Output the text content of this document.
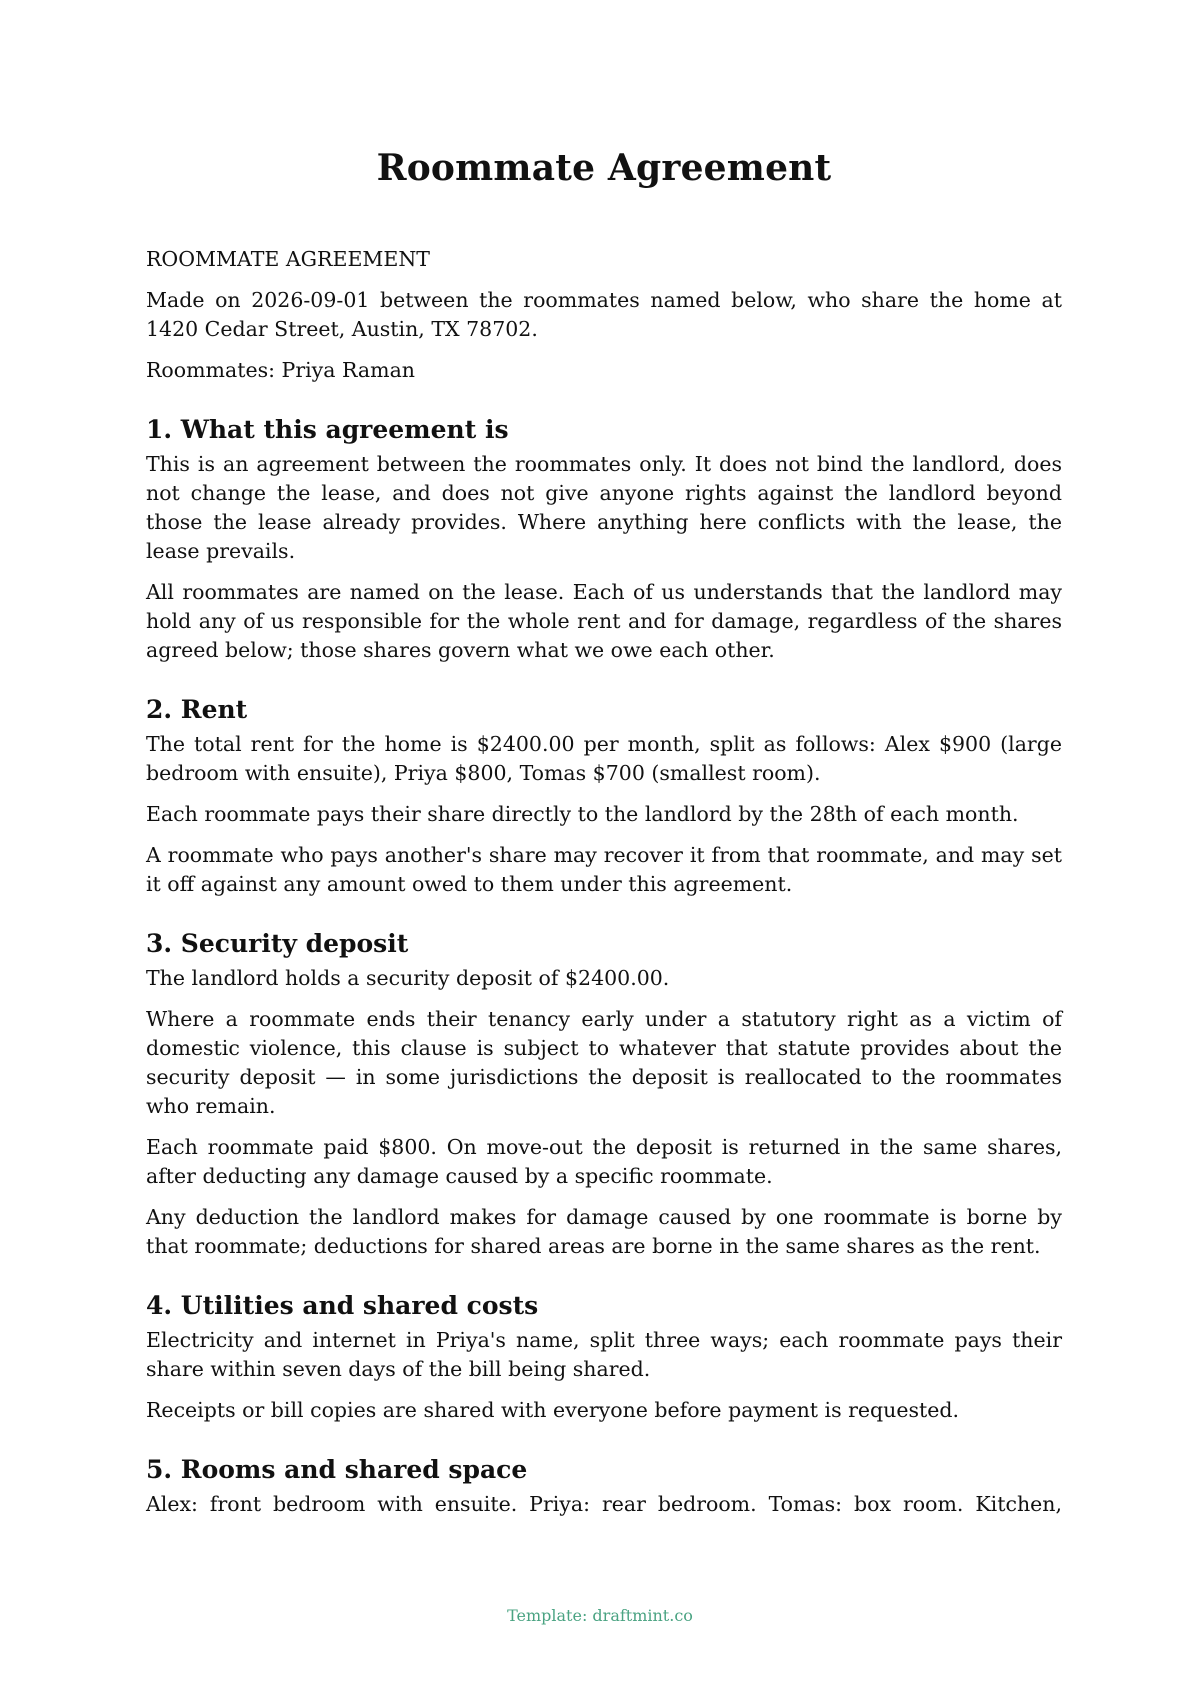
Roommate Agreement

ROOMMATE AGREEMENT

Made on 2026-09-01 between the roommates named below, who share the home at 1420 Cedar Street, Austin, TX 78702.

Roommates: Priya Raman

1. What this agreement is

This is an agreement between the roommates only. It does not bind the landlord, does not change the lease, and does not give anyone rights against the landlord beyond those the lease already provides. Where anything here conflicts with the lease, the lease prevails.

All roommates are named on the lease. Each of us understands that the landlord may hold any of us responsible for the whole rent and for damage, regardless of the shares agreed below; those shares govern what we owe each other.

2. Rent

The total rent for the home is $2400.00 per month, split as follows: Alex $900 (large bedroom with ensuite), Priya $800, Tomas $700 (smallest room).

Each roommate pays their share directly to the landlord by the 28th of each month.

A roommate who pays another's share may recover it from that roommate, and may set it off against any amount owed to them under this agreement.

3. Security deposit

The landlord holds a security deposit of $2400.00.

Where a roommate ends their tenancy early under a statutory right as a victim of domestic violence, this clause is subject to whatever that statute provides about the security deposit — in some jurisdictions the deposit is reallocated to the roommates who remain.

Each roommate paid $800. On move-out the deposit is returned in the same shares, after deducting any damage caused by a specific roommate.

Any deduction the landlord makes for damage caused by one roommate is borne by that roommate; deductions for shared areas are borne in the same shares as the rent.

4. Utilities and shared costs

Electricity and internet in Priya's name, split three ways; each roommate pays their share within seven days of the bill being shared.

Receipts or bill copies are shared with everyone before payment is requested.

5. Rooms and shared space

Alex: front bedroom with ensuite. Priya: rear bedroom. Tomas: box room. Kitchen,

Template: draftmint.co
